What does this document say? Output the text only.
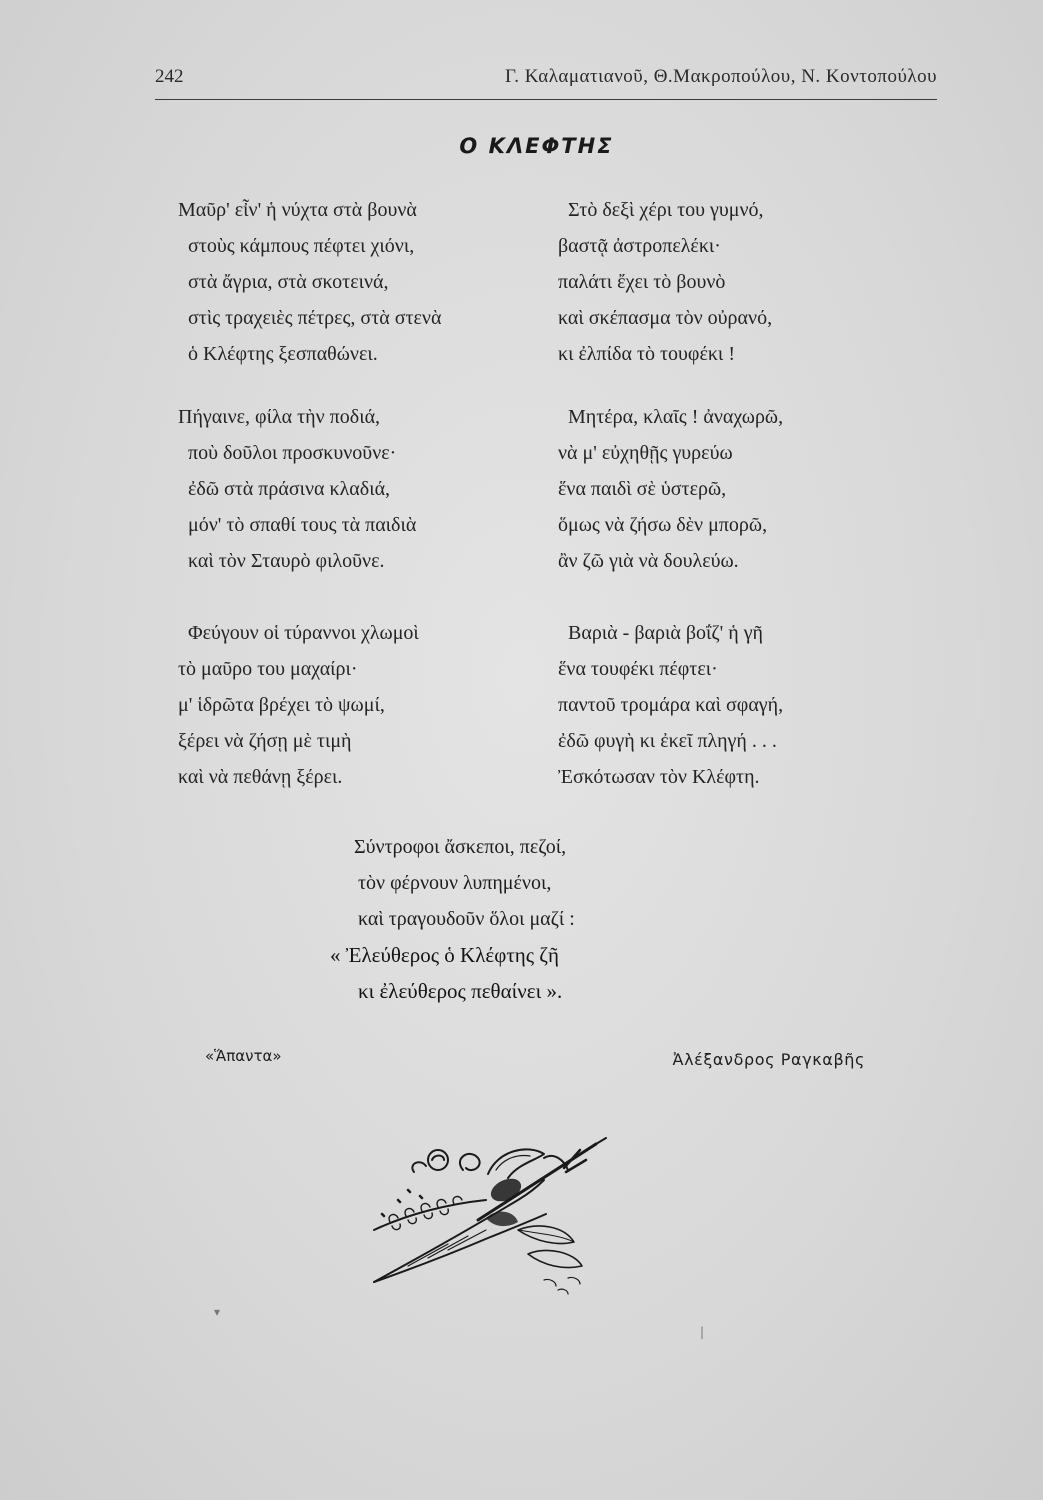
242	Γ. Καλαματιανοῦ, Θ.Μακροπούλου, Ν. Κοντοπούλου
Ο ΚΛΕΦΤΗΣ
Μαῦρ' εἶν' ἡ νύχτα στὰ βουνὰ
στοὺς κάμπους πέφτει χιόνι,
στὰ ἄγρια, στὰ σκοτεινά,
στὶς τραχειὲς πέτρες, στὰ στενὰ
ὁ Κλέφτης ξεσπαθώνει.
Πήγαινε, φίλα τὴν ποδιά,
ποὺ δοῦλοι προσκυνοῦνε·
ἐδῶ στὰ πράσινα κλαδιά,
μόν' τὸ σπαθί τους τὰ παιδιὰ
καὶ τὸν Σταυρὸ φιλοῦνε.
Φεύγουν οἱ τύραννοι χλωμοὶ
τὸ μαῦρο του μαχαίρι·
μ' ἱδρῶτα βρέχει τὸ ψωμί,
ξέρει νὰ ζήσῃ μὲ τιμὴ
καὶ νὰ πεθάνῃ ξέρει.
Στὸ δεξὶ χέρι του γυμνό,
βαστᾷ ἀστροπελέκι·
παλάτι ἔχει τὸ βουνὸ
καὶ σκέπασμα τὸν οὐρανό,
κι ἐλπίδα τὸ τουφέκι !
Μητέρα, κλαῖς ! ἀναχωρῶ,
νὰ μ' εὐχηθῇς γυρεύω
ἕνα παιδὶ σὲ ὑστερῶ,
ὅμως νὰ ζήσω δὲν μπορῶ,
ἂν ζῶ γιὰ νὰ δουλεύω.
Βαριὰ - βαριὰ βοΐζ' ἡ γῆ
ἕνα τουφέκι πέφτει·
παντοῦ τρομάρα καὶ σφαγή,
ἐδῶ φυγὴ κι ἐκεῖ πληγή . . .
Ἐσκότωσαν τὸν Κλέφτη.
Σύντροφοι ἄσκεποι, πεζοί,
τὸν φέρνουν λυπημένοι,
καὶ τραγουδοῦν ὅλοι μαζί :
« Ἐλεύθερος ὁ Κλέφτης ζῆ
κι ἐλεύθερος πεθαίνει ».
«Ἅπαντα»	Ἀλέξανδρος Ραγκαβῆς
▾
|
